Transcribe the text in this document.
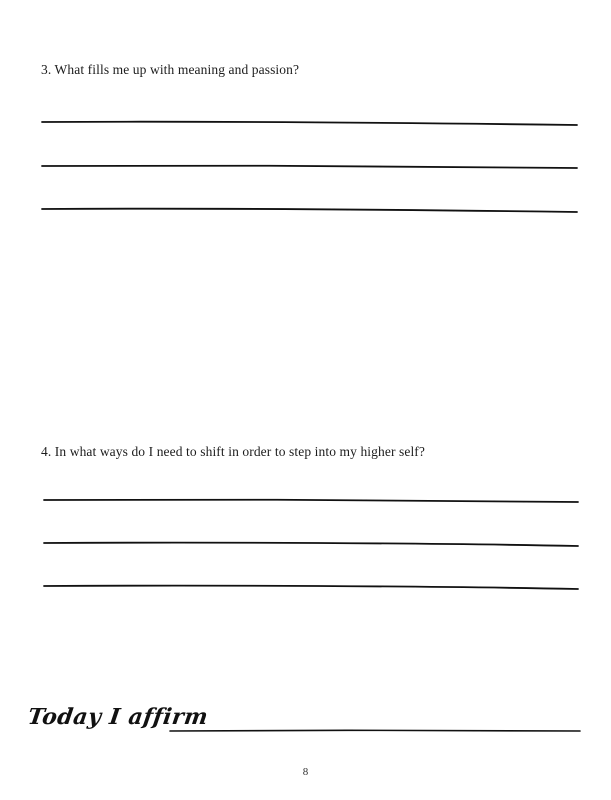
3. What fills me up with meaning and passion?
4. In what ways do I need to shift in order to step into my higher self?
Today I affirm
8
